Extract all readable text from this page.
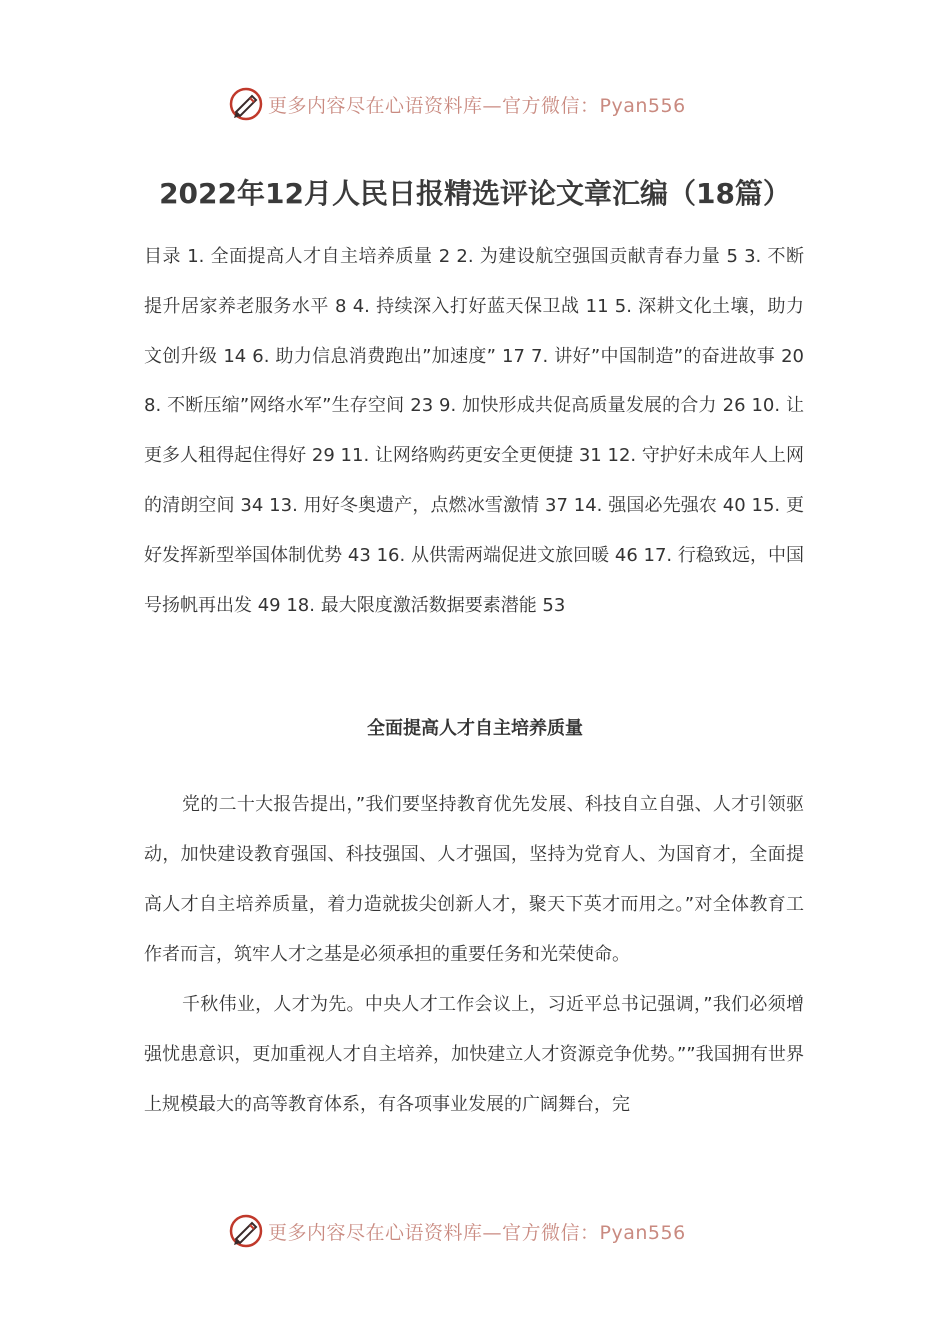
更多内容尽在心语资料库—官方微信：Pyan556
2022年12月人民日报精选评论文章汇编（18篇）

目录 1. 全面提高人才自主培养质量 2 2. 为建设航空强国贡献青春力量 5 3. 不断提升居家养老服务水平 8 4. 持续深入打好蓝天保卫战 11 5. 深耕文化土壤，助力文创升级 14 6. 助力信息消费跑出”加速度” 17 7. 讲好”中国制造”的奋进故事 20 8. 不断压缩”网络水军”生存空间 23 9. 加快形成共促高质量发展的合力 26 10. 让更多人租得起住得好 29 11. 让网络购药更安全更便捷 31 12. 守护好未成年人上网的清朗空间 34 13. 用好冬奥遗产，点燃冰雪激情 37 14. 强国必先强农 40 15. 更好发挥新型举国体制优势 43 16. 从供需两端促进文旅回暖 46 17. 行稳致远，中国号扬帆再出发 49 18. 最大限度激活数据要素潜能 53

全面提高人才自主培养质量

党的二十大报告提出，”我们要坚持教育优先发展、科技自立自强、人才引领驱动，加快建设教育强国、科技强国、人才强国，坚持为党育人、为国育才，全面提高人才自主培养质量，着力造就拔尖创新人才，聚天下英才而用之。”对全体教育工作者而言，筑牢人才之基是必须承担的重要任务和光荣使命。

千秋伟业，人才为先。中央人才工作会议上，习近平总书记强调，”我们必须增强忧患意识，更加重视人才自主培养，加快建立人才资源竞争优势。””我国拥有世界上规模最大的高等教育体系，有各项事业发展的广阔舞台，完

更多内容尽在心语资料库—官方微信：Pyan556
